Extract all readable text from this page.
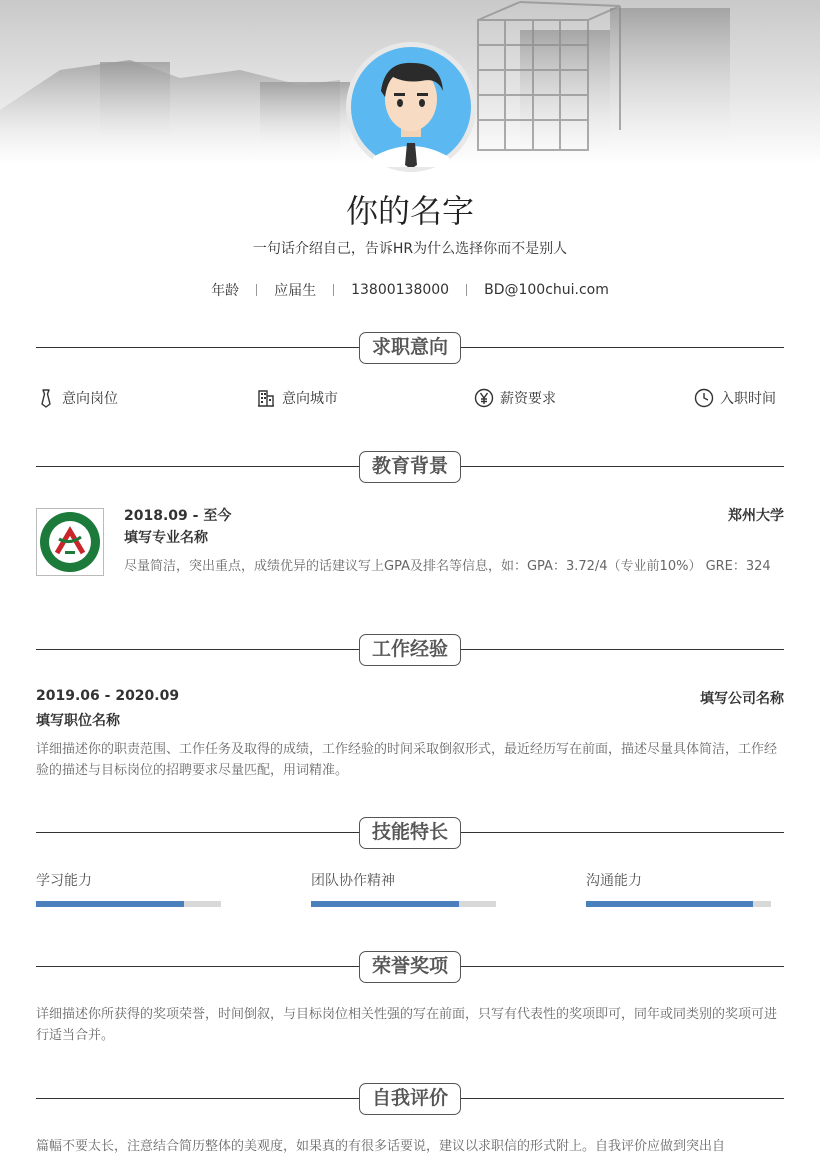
你的名字
一句话介绍自己，告诉HR为什么选择你而不是别人
年龄	应届生	13800138000	BD@100chui.com
求职意向
意向岗位	意向城市	薪资要求	入职时间
教育背景
2018.09 - 至今
填写专业名称
郑州大学
尽量简洁，突出重点，成绩优异的话建议写上GPA及排名等信息，如：GPA：3.72/4（专业前10%） GRE：324
工作经验
2019.06 - 2020.09
填写职位名称
填写公司名称
详细描述你的职责范围、工作任务及取得的成绩，工作经验的时间采取倒叙形式，最近经历写在前面，描述尽量具体简洁，工作经验的描述与目标岗位的招聘要求尽量匹配，用词精准。
技能特长
学习能力	团队协作精神	沟通能力
荣誉奖项
详细描述你所获得的奖项荣誉，时间倒叙，与目标岗位相关性强的写在前面，只写有代表性的奖项即可，同年或同类别的奖项可进行适当合并。
自我评价
篇幅不要太长，注意结合简历整体的美观度，如果真的有很多话要说，建议以求职信的形式附上。自我评价应做到突出自
